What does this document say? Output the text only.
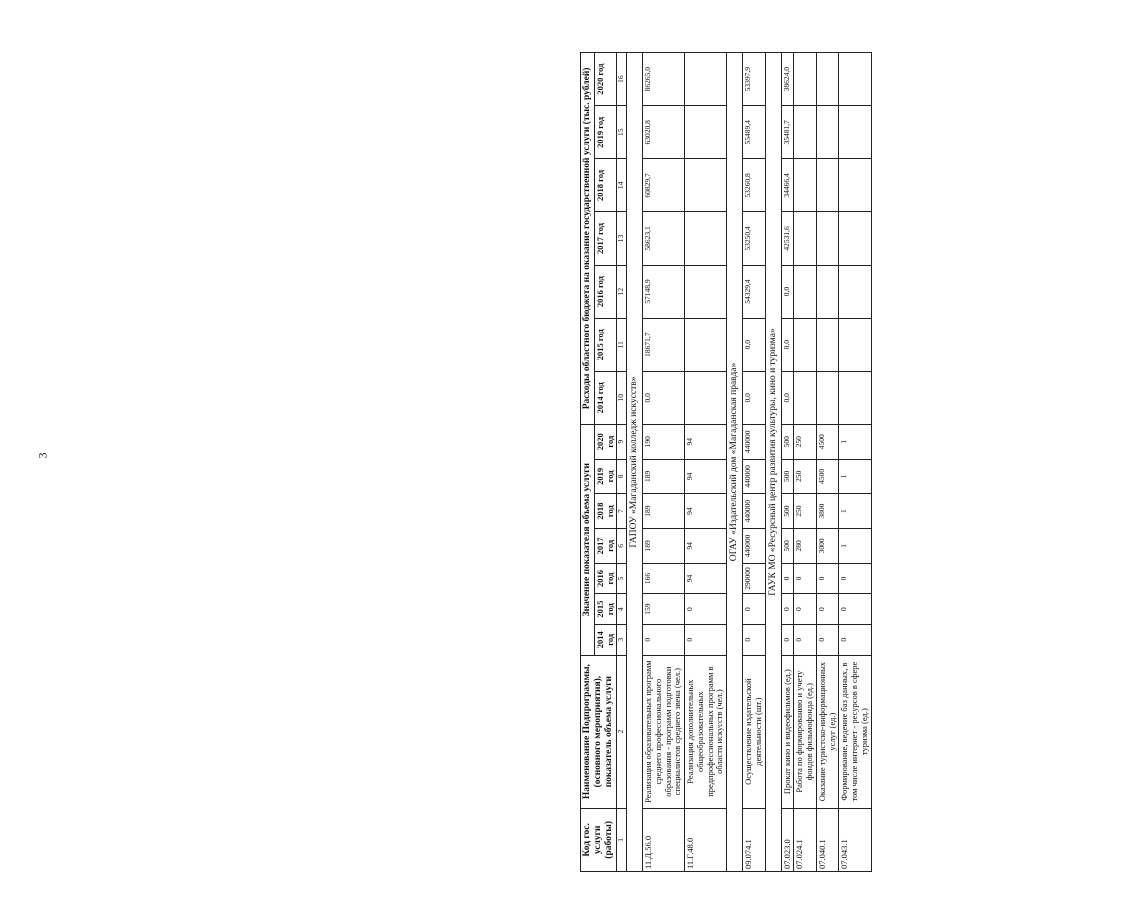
3
Код гос. услуги (работы)	Наименование Подпрограммы, (основного мероприятия), показатель объема услуги	Значение показателя объема услуги							Расходы областного бюджета на оказание государственной услуги (тыс. рублей)						
		2014 год	2015 год	2016 год	2017 год	2018 год	2019 год	2020 год	2014 год	2015 год	2016 год	2017 год	2018 год	2019 год	2020 год
1	2	3	4	5	6	7	8	9	10	11	12	13	14	15	16
ГАПОУ «Магаданский колледж искусств»															
11.Д.56.0	Реализация образовательных программ среднего профессионального образования - программ подготовки специалистов среднего звена (чел.)	0	159	166	189	189	189	190	0,0	18671,7	57148,9	58623,1	60829,7	63020,8	86265,0
11.Г.48.0	Реализация дополнительных общеобразовательных предпрофессиональных программ в области искусств (чел.)	0	0	94	94	94	94	94							
ОГАУ «Издательский дом «Магаданская правда»															
09.074.1	Осуществление издательской деятельности (шт.)	0	0	290000	440000	440000	440000	440000	0,0	0,0	54329,4	53250,4	53260,8	55489,4	53397,9
ГАУК МО «Ресурсный центр развития культуры, кино и туризма»															
07.023.0	Прокат кино и видеофильмов (ед.)	0	0	0	500	500	500	500	0,0	0,0	0,0	42531,6	34466,4	35481,7	38624,0
07.024.1	Работа по формированию и учету фондов фильмофонда (ед.)	0	0	0	280	250	250	250							
07.040.1	Оказание туристско-информационных услуг (ед.)	0	0	0	3000	3800	4500	4500							
07.043.1	Формирование, ведение баз данных, в том числе интернет - ресурсов в сфере туризма (ед.)	0	0	0	1	1	1	1							
